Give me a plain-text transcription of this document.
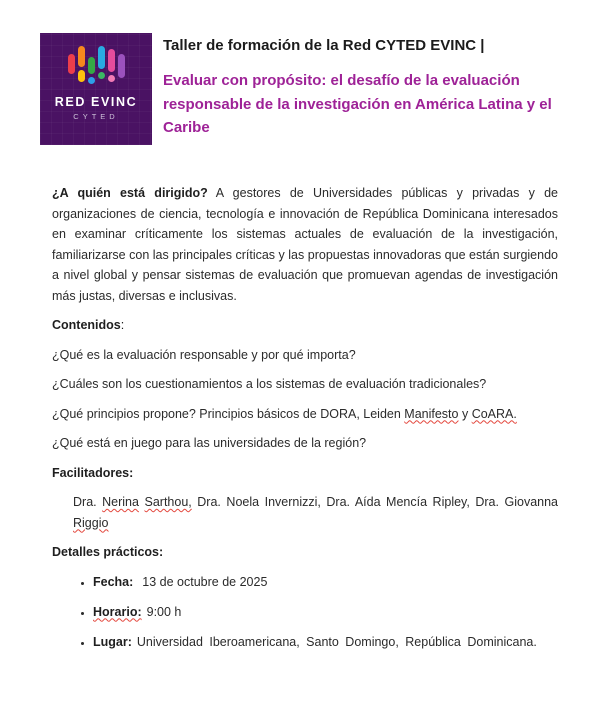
RED EVINC
CYTED
Taller de formación de la Red CYTED EVINC |
Evaluar con propósito: el desafío de la evaluación responsable de la investigación en América Latina y el Caribe

¿A quién está dirigido? A gestores de Universidades públicas y privadas y de organizaciones de ciencia, tecnología e innovación de República Dominicana interesados en examinar críticamente los sistemas actuales de evaluación de la investigación, familiarizarse con las principales críticas y las propuestas innovadoras que están surgiendo a nivel global y pensar sistemas de evaluación que promuevan agendas de investigación más justas, diversas e inclusivas.

Contenidos:

¿Qué es la evaluación responsable y por qué importa?

¿Cuáles son los cuestionamientos a los sistemas de evaluación tradicionales?

¿Qué principios propone? Principios básicos de DORA, Leiden Manifesto y CoARA.

¿Qué está en juego para las universidades de la región?

Facilitadores:

Dra. Nerina Sarthou, Dra. Noela Invernizzi, Dra. Aída Mencía Ripley, Dra. Giovanna Riggio

Detalles prácticos:

• Fecha: 13 de octubre de 2025
• Horario: 9:00 h
• Lugar: Universidad Iberoamericana, Santo Domingo, República Dominicana.
